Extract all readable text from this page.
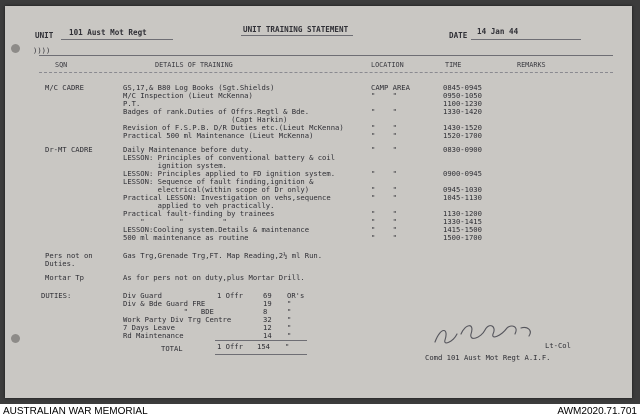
UNIT 101 Aust Mot Regt	UNIT TRAINING STATEMENT
DATE 14 Jan 44
))))
SQN	DETAILS OF TRAINING	LOCATION	TIME	REMARKS
M/C CADRE	GS,17,& B80 Log Books (Sgt.Shields)	CAMP AREA	0845-0945
M/C Inspection (Lieut McKenna)	"    "	0950-1050
P.T.	1100-1230
Badges of rank.Duties of Offrs.Regtl & Bde.	"    "	1330-1420
(Capt Harkin)
Revision of F.S.P.B. D/R Duties etc.(Lieut McKenna)	"    "	1430-1520
Practical 500 ml Maintenance (Lieut McKenna)	"    "	1520-1700
Dr-MT CADRE	Daily Maintenance before duty.	"    "	0830-0900
LESSON: Principles of conventional battery & coil
ignition system.
LESSON: Principles applied to FD ignition system.	"    "	0900-0945
LESSON: Sequence of fault finding,ignition &
electrical(within scope of Dr only)	"    "	0945-1030
Practical LESSON: Investigation on vehs,sequence	"    "	1045-1130
applied to veh practically.
Practical fault-finding by trainees	"    "	1130-1200
"        "         "	"    "	1330-1415
LESSON:Cooling system.Details & maintenance	"    "	1415-1500
500 ml maintenance as routine	"    "	1500-1700
Pers not on	Gas Trg,Grenade Trg,FT. Map Reading,2½ ml Run.
Duties.
Mortar Tp	As for pers not on duty,plus Mortar Drill.
DUTIES:	Div Guard	1 Offr	69 OR's
Div & Bde Guard FRE	19 "
"   BDE	8	"
Work Party Div Trg Centre	32 "
7 Days Leave	12 "
Rd Maintenance	14 "
TOTAL	1 Offr 154 "	Lt-Col
Comd 101 Aust Mot Regt A.I.F.
AUSTRALIAN WAR MEMORIAL	AWM2020.71.701
